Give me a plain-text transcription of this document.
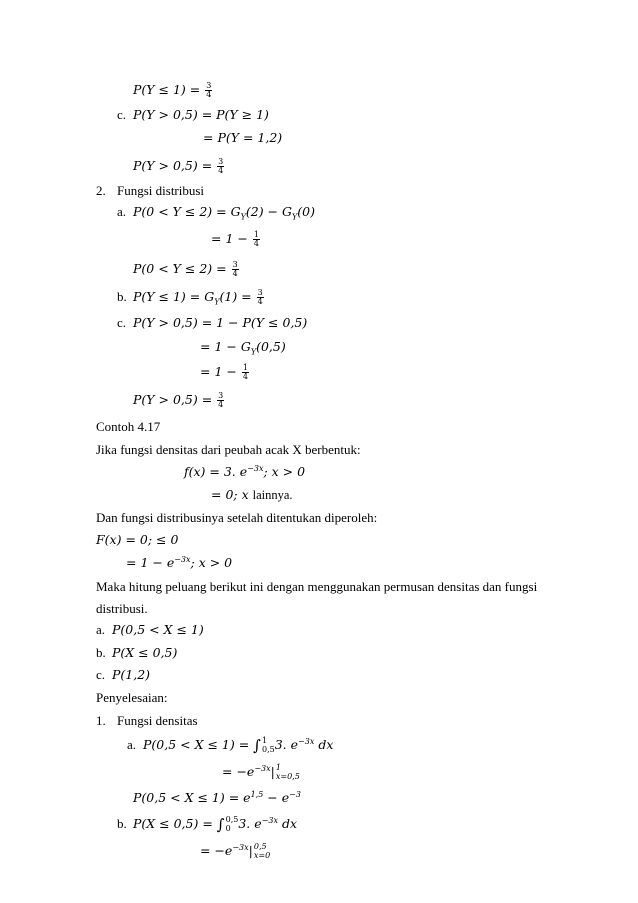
$P(Y \le 1) = \frac{3}{4}$
c. P(Y > 0,5) = P(Y ≥ 1)
= P(Y = 1,2)
$P(Y > 0,5) = \frac{3}{4}$
2. Fungsi distribusi
a. $P(0 < Y \le 2) = G_Y(2) - G_Y(0)$
= $1 - \frac{1}{4}$
$P(0 < Y \le 2) = \frac{3}{4}$
b. $P(Y \le 1) = G_Y(1) = \frac{3}{4}$
c. P(Y > 0,5) = 1 − P(Y ≤ 0,5)
= $1 - G_Y(0,5)$
= $1 - \frac{1}{4}$
$P(Y > 0,5) = \frac{3}{4}$
Contoh 4.17
Jika fungsi densitas dari peubah acak X berbentuk:
f(x) = 3. $e^{-3x}$; x > 0
= 0; x lainnya.
Dan fungsi distribusinya setelah ditentukan diperoleh:
F(x) = 0; ≤ 0
= $1 - e^{-3x}$; x > 0
Maka hitung peluang berikut ini dengan menggunakan permusan densitas dan fungsi
distribusi.
a. P(0,5 < X ≤ 1)
b. P(X ≤ 0,5)
c. P(1,2)
Penyelesaian:
1. Fungsi densitas
a. P(0,5 < X ≤ 1) = ∫ 1
0,5 3. $e^{-3x}$ dx
= $-e^{-3x}|$ 1
x=0,5
$P(0,5 < X \le 1) = e^{1,5} - e^{-3}$
b. P(X ≤ 0,5) = ∫ 0,5
0 3. $e^{-3x}$ dx
= $-e^{-3x}|$ 0,5
x=0
